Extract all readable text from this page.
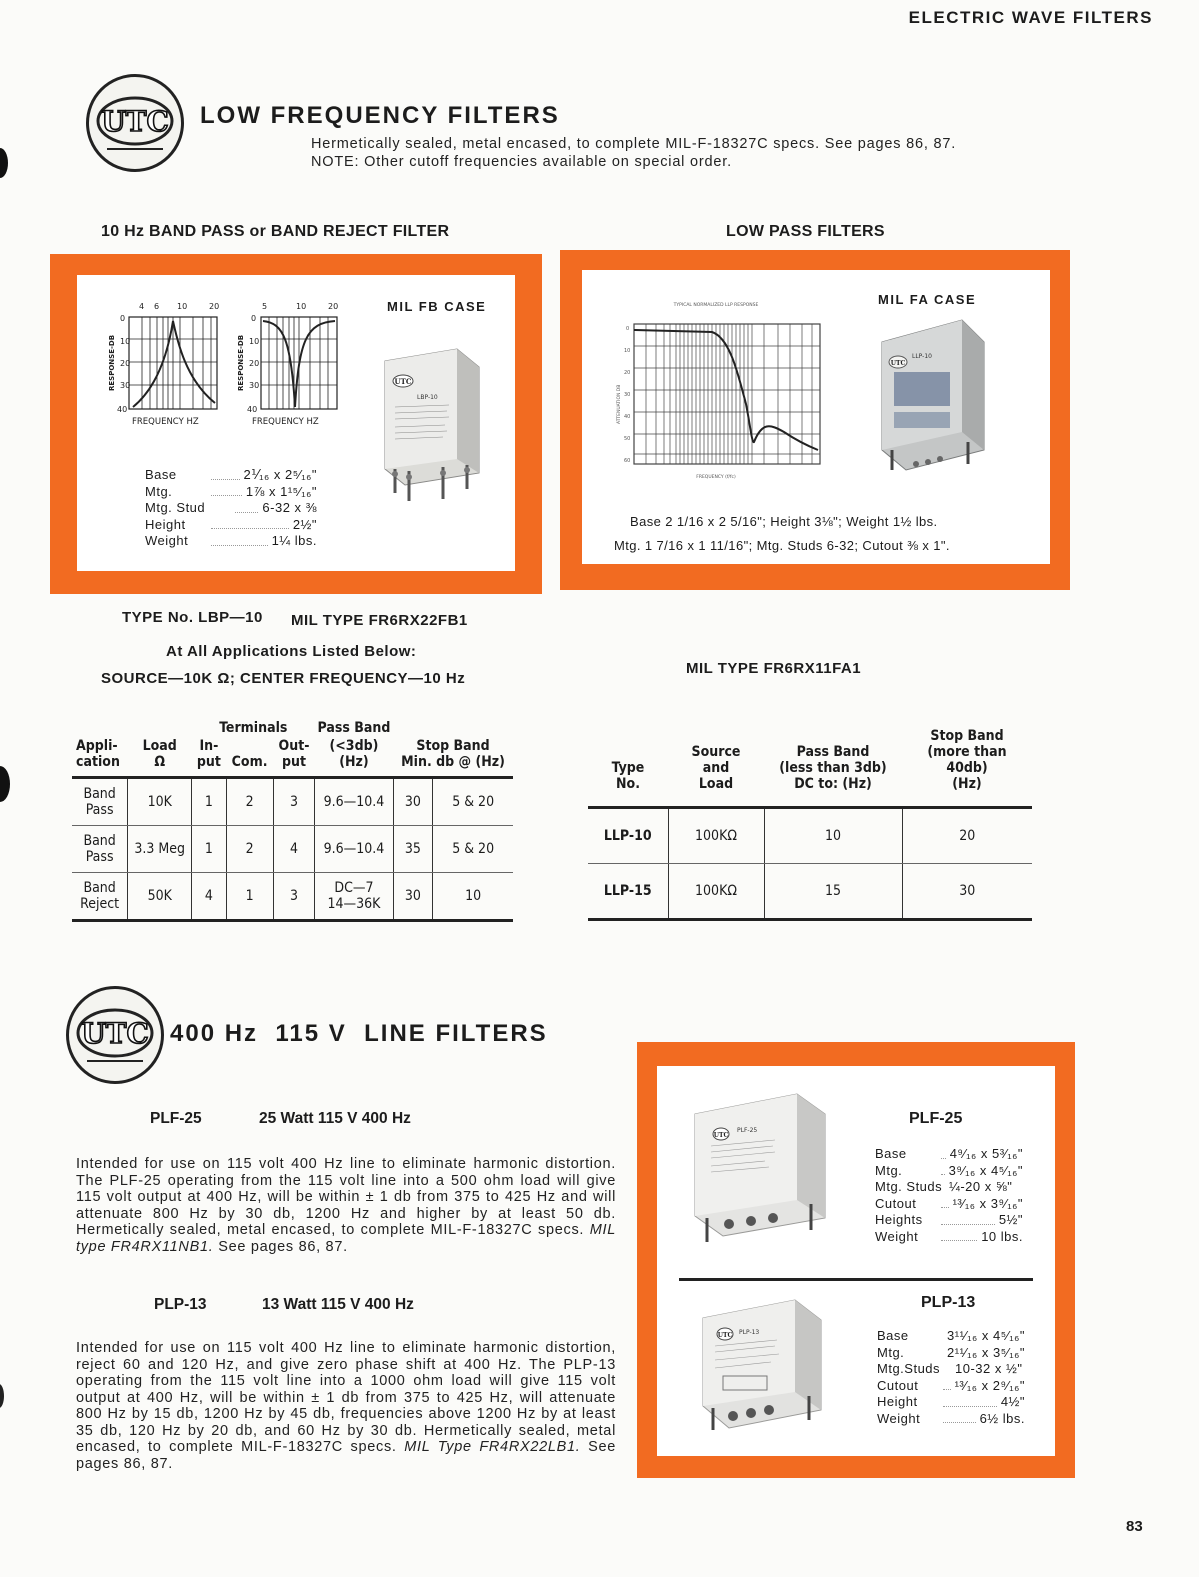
ELECTRIC WAVE FILTERS
UTC LOW FREQUENCY FILTERS
Hermetically sealed, metal encased, to complete MIL-F-18327C specs. See pages 86, 87.
NOTE: Other cutoff frequencies available on special order.
10 Hz BAND PASS or BAND REJECT FILTER	LOW PASS FILTERS
4 6 10	20
0
10
20
30
40
RESPONSE-DB
FREQUENCY HZ
5	10	20
0
10
20
30
40
RESPONSE-DB
FREQUENCY HZ
MIL FB CASE
UTC
LBP-10
Base	2⅟₁₆ x 2⁵⁄₁₆"
Mtg.	1⅞ x 1¹⁵⁄₁₆"
Mtg. Stud	6-32 x ⅜
Height	2½"
Weight	1¼ lbs.
TYPICAL NORMALIZED LLP RESPONSE
0
10
20
30
40
50
60
ATTENUATION DB
FREQUENCY (f/fc)
MIL FA CASE
UTC
LLP-10
Base 2 1/16 x 2 5/16"; Height 3⅛"; Weight 1½ lbs.
Mtg. 1 7/16 x 1 11/16"; Mtg. Studs 6-32; Cutout ⅜ x 1".
TYPE No. LBP—10 MIL TYPE FR6RX22FB1
At All Applications Listed Below:
SOURCE—10K Ω; CENTER FREQUENCY—10 Hz
MIL TYPE FR6RX11FA1
		Terminals			Pass Band		
Appli-
cation	Load
Ω	In-
put	Com.	Out-
put	(<3db)
(Hz)	Stop Band
Min. db @ (Hz)	
Band
Pass	10K	1	2	3	9.6—10.4	30	5 & 20
Band
Pass	3.3 Meg	1	2	4	9.6—10.4	35	5 & 20
Band
Reject	50K	4	1	3	DC—7
14—36K	30	10
Type
No.	Source
and
Load	Pass Band
(less than 3db)
DC to: (Hz)	Stop Band
(more than 40db)
(Hz)
LLP-10	100KΩ	10	20
LLP-15	100KΩ	15	30
UTC 400 Hz  115 V  LINE FILTERS
PLF-25	25 Watt 115 V 400 Hz
Intended for use on 115 volt 400 Hz line to eliminate harmonic distortion. The PLF-25 operating from the 115 volt line into a 500 ohm load will give 115 volt output at 400 Hz, will be within ± 1 db from 375 to 425 Hz and will attenuate 800 Hz by 30 db, 1200 Hz and higher by at least 50 db. Hermetically sealed, metal encased, to complete MIL-F-18327C specs. MIL type FR4RX11NB1. See pages 86, 87.
PLP-13	13 Watt 115 V 400 Hz
Intended for use on 115 volt 400 Hz line to eliminate harmonic distortion, reject 60 and 120 Hz, and give zero phase shift at 400 Hz. The PLP-13 operating from the 115 volt line into a 1000 ohm load will give 115 volt output at 400 Hz, will be within ± 1 db from 375 to 425 Hz, will attenuate 800 Hz by 15 db, 1200 Hz by 45 db, frequencies above 1200 Hz by at least 35 db, 120 Hz by 20 db, and 60 Hz by 30 db. Hermetically sealed, metal encased, to complete MIL-F-18327C specs. MIL Type FR4RX22LB1. See pages 86, 87.
UTC
PLF-25
PLF-25
Base	4⁹⁄₁₆ x 5³⁄₁₆"
Mtg.	3⁹⁄₁₆ x 4⁵⁄₁₆"
Mtg. Studs ¼-20 x ⅝"
Cutout	¹³⁄₁₆ x 3⁹⁄₁₆"
Heights	5½"
Weight	10 lbs.
UTC PLP-13
PLP-13
Base	3¹¹⁄₁₆ x 4⁵⁄₁₆"
Mtg.	2¹¹⁄₁₆ x 3⁵⁄₁₆"
Mtg.Studs	10-32 x ½"
Cutout	¹³⁄₁₆ x 2⁹⁄₁₆"
Height	4½"
Weight	6½ lbs.
83
